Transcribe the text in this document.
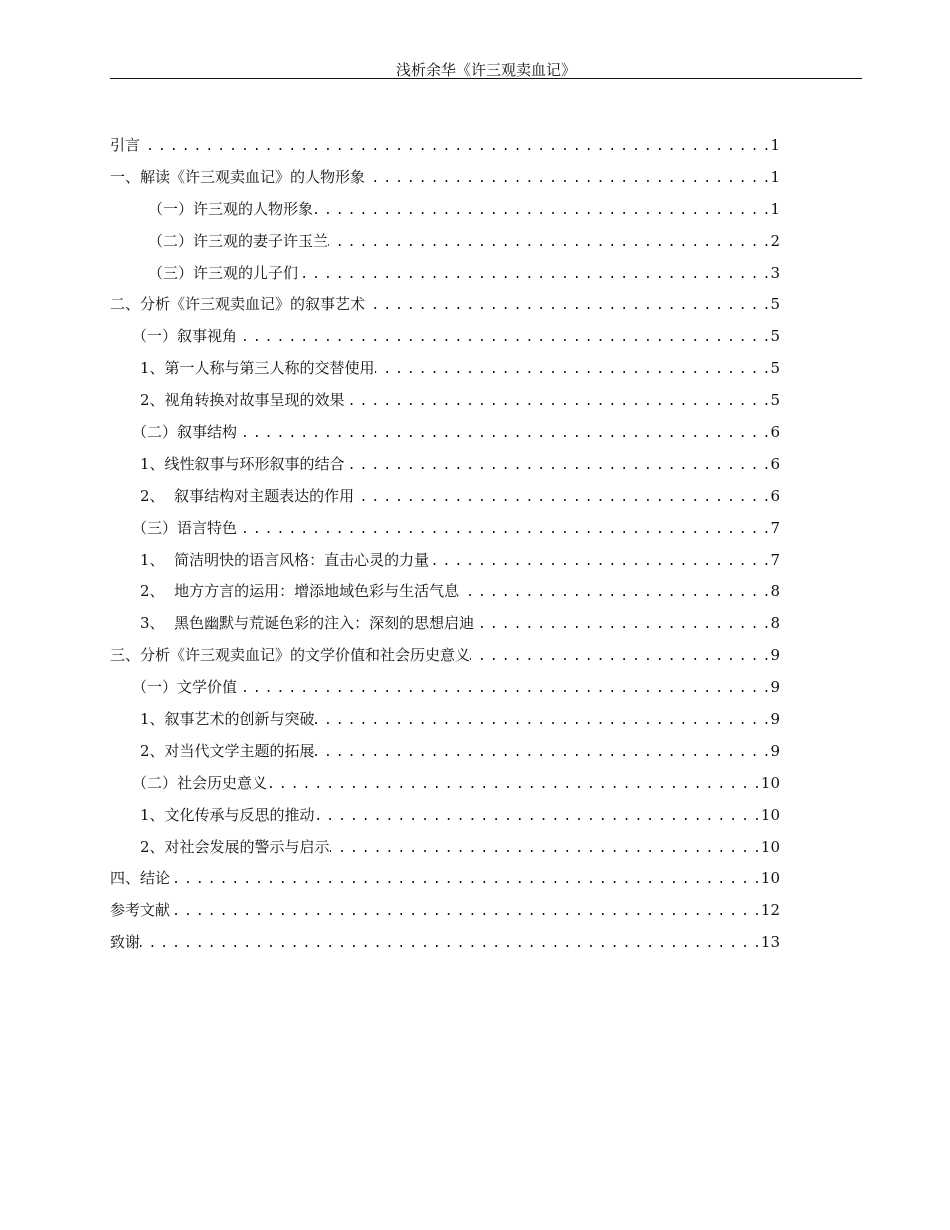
浅析余华《许三观卖血记》
引言 . . .	1
一、解读《许三观卖血记》的人物形象 . . .	1
（一）许三观的人物形象 . . .	1
（二）许三观的妻子许玉兰 . . .	2
（三）许三观的儿子们 . . .	3
二、分析《许三观卖血记》的叙事艺术 . . .	5
（一）叙事视角 . . .	5
1、第一人称与第三人称的交替使用 . . .	5
2、视角转换对故事呈现的效果 . . .	5
（二）叙事结构 . . .	6
1、线性叙事与环形叙事的结合 . . .	6
2、  叙事结构对主题表达的作用 . . .	6
（三）语言特色 . . .	7
1、  简洁明快的语言风格：直击心灵的力量 . . .	7
2、  地方方言的运用：增添地域色彩与生活气息 . . .	8
3、  黑色幽默与荒诞色彩的注入：深刻的思想启迪 . . .	8
三、分析《许三观卖血记》的文学价值和社会历史意义 . . .	9
（一）文学价值 . . .	9
1、叙事艺术的创新与突破 . . .	9
2、对当代文学主题的拓展 . . .	9
（二）社会历史意义 . . .	10
1、文化传承与反思的推动 . . .	10
2、对社会发展的警示与启示 . . .	10
四、结论 . . .	10
参考文献 . . .	12
致谢 . . .	13
